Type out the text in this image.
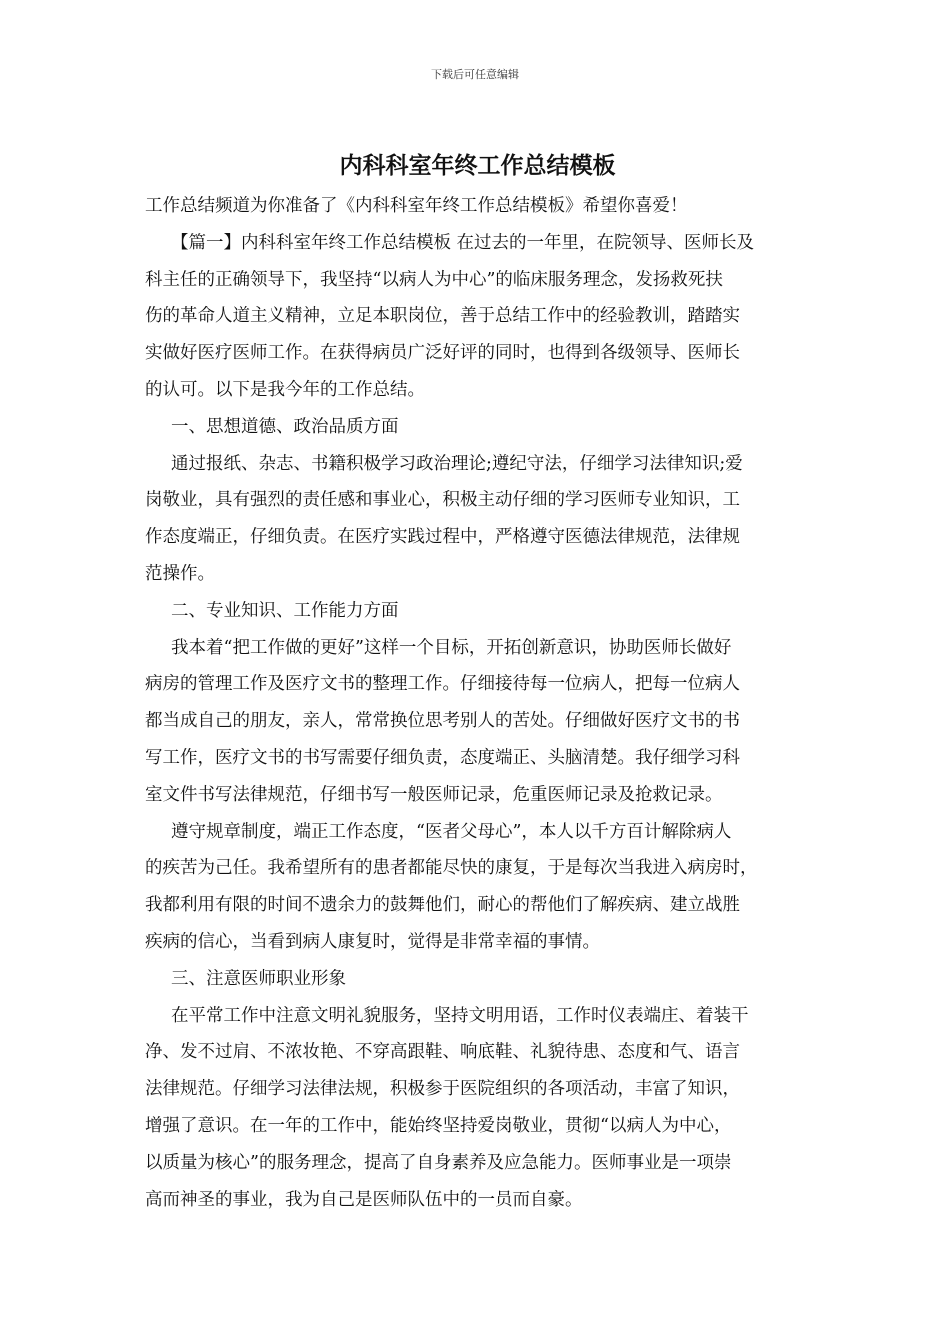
下载后可任意编辑
内科科室年终工作总结模板
工作总结频道为你准备了《内科科室年终工作总结模板》希望你喜爱！
【篇一】内科科室年终工作总结模板 在过去的一年里，在院领导、医师长及
科主任的正确领导下，我坚持“以病人为中心”的临床服务理念，发扬救死扶
伤的革命人道主义精神，立足本职岗位，善于总结工作中的经验教训，踏踏实
实做好医疗医师工作。在获得病员广泛好评的同时，也得到各级领导、医师长
的认可。以下是我今年的工作总结。
一、思想道德、政治品质方面
通过报纸、杂志、书籍积极学习政治理论;遵纪守法，仔细学习法律知识;爱
岗敬业，具有强烈的责任感和事业心，积极主动仔细的学习医师专业知识，工
作态度端正，仔细负责。在医疗实践过程中，严格遵守医德法律规范，法律规
范操作。
二、专业知识、工作能力方面
我本着“把工作做的更好”这样一个目标，开拓创新意识，协助医师长做好
病房的管理工作及医疗文书的整理工作。仔细接待每一位病人，把每一位病人
都当成自己的朋友，亲人，常常换位思考别人的苦处。仔细做好医疗文书的书
写工作，医疗文书的书写需要仔细负责，态度端正、头脑清楚。我仔细学习科
室文件书写法律规范，仔细书写一般医师记录，危重医师记录及抢救记录。
遵守规章制度，端正工作态度，“医者父母心”，本人以千方百计解除病人
的疾苦为己任。我希望所有的患者都能尽快的康复，于是每次当我进入病房时，
我都利用有限的时间不遗余力的鼓舞他们，耐心的帮他们了解疾病、建立战胜
疾病的信心，当看到病人康复时，觉得是非常幸福的事情。
三、注意医师职业形象
在平常工作中注意文明礼貌服务，坚持文明用语，工作时仪表端庄、着装干
净、发不过肩、不浓妆艳、不穿高跟鞋、响底鞋、礼貌待患、态度和气、语言
法律规范。仔细学习法律法规，积极参于医院组织的各项活动，丰富了知识，
增强了意识。在一年的工作中，能始终坚持爱岗敬业，贯彻“以病人为中心，
以质量为核心”的服务理念，提高了自身素养及应急能力。医师事业是一项崇
高而神圣的事业，我为自己是医师队伍中的一员而自豪。
